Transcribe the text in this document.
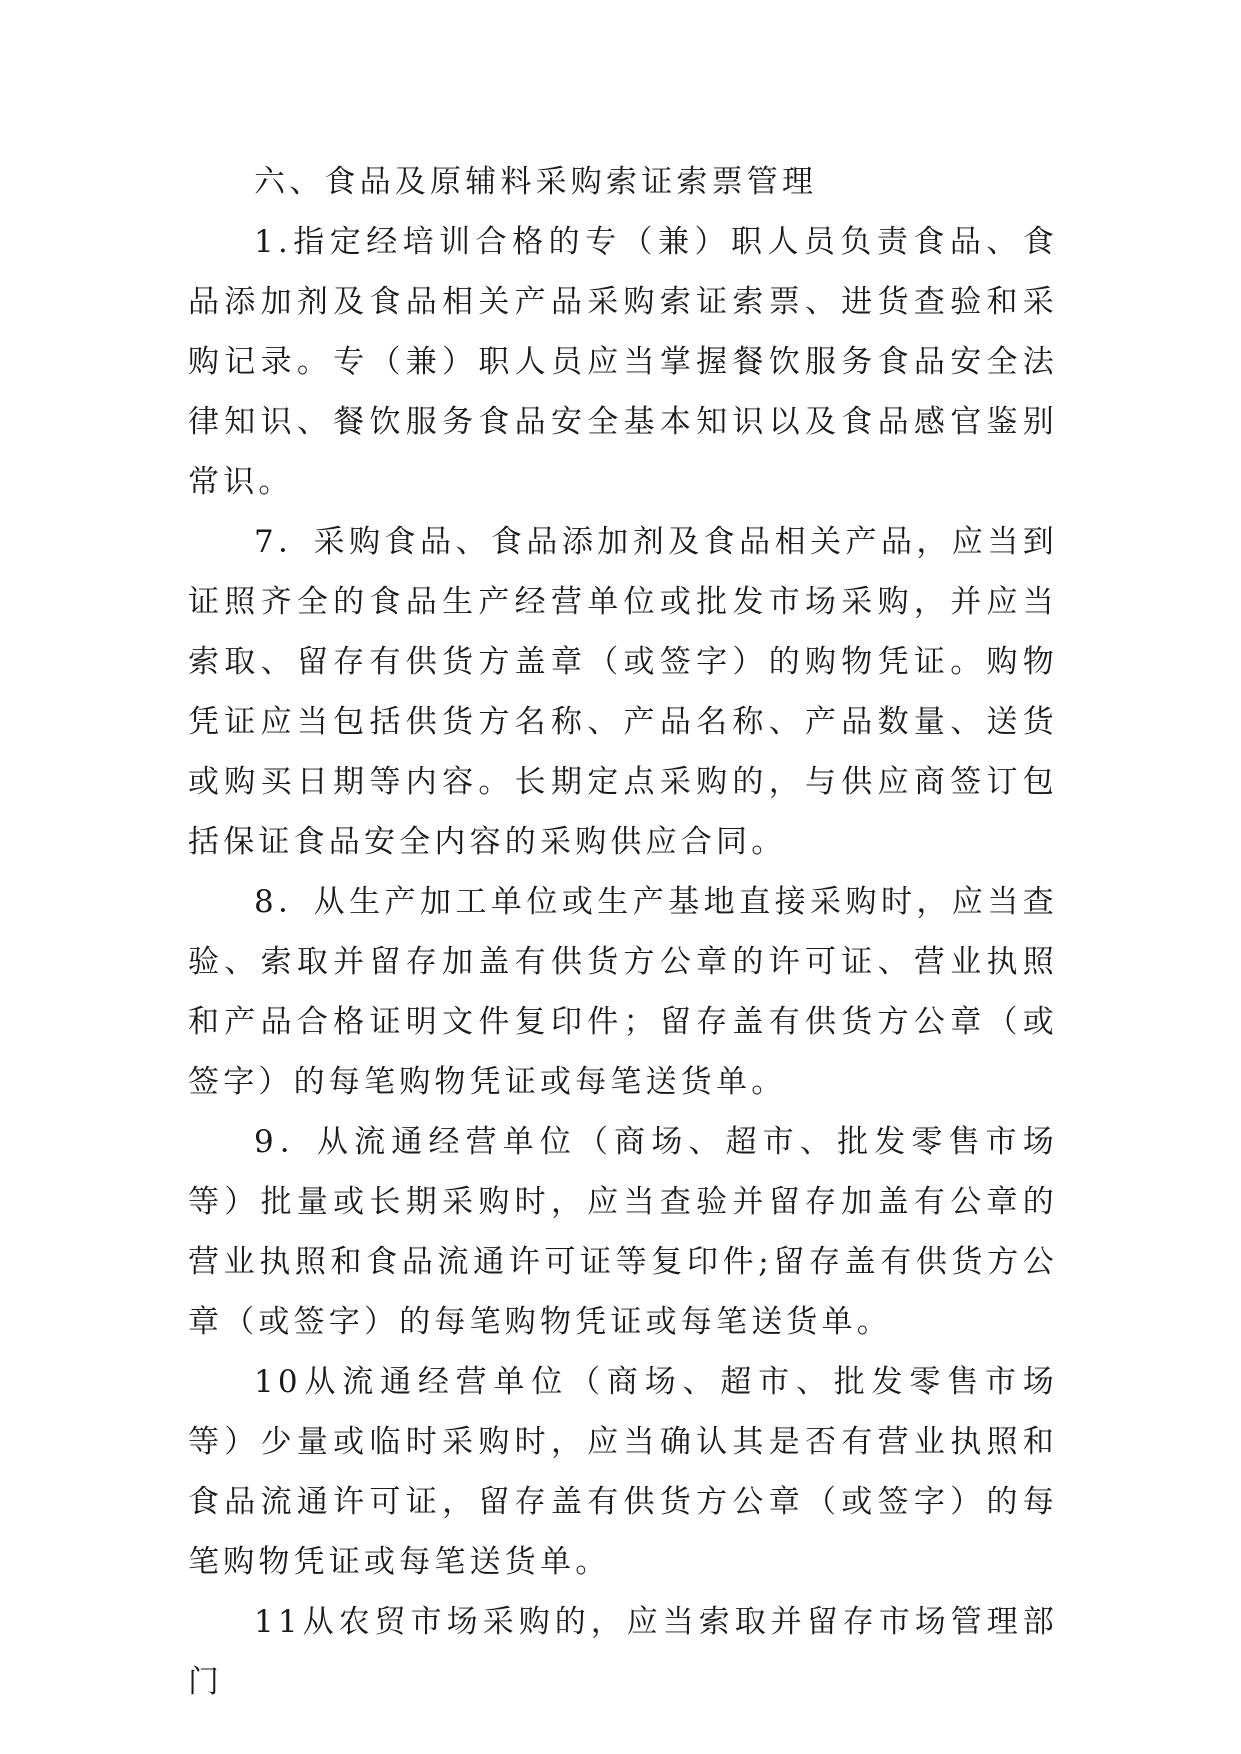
六、食品及原辅料采购索证索票管理

1.指定经培训合格的专（兼）职人员负责食品、食品添加剂及食品相关产品采购索证索票、进货查验和采购记录。专（兼）职人员应当掌握餐饮服务食品安全法律知识、餐饮服务食品安全基本知识以及食品感官鉴别常识。

7．采购食品、食品添加剂及食品相关产品，应当到证照齐全的食品生产经营单位或批发市场采购，并应当索取、留存有供货方盖章（或签字）的购物凭证。购物凭证应当包括供货方名称、产品名称、产品数量、送货或购买日期等内容。长期定点采购的，与供应商签订包括保证食品安全内容的采购供应合同。

8．从生产加工单位或生产基地直接采购时，应当查验、索取并留存加盖有供货方公章的许可证、营业执照和产品合格证明文件复印件；留存盖有供货方公章（或签字）的每笔购物凭证或每笔送货单。

9．从流通经营单位（商场、超市、批发零售市场等）批量或长期采购时，应当查验并留存加盖有公章的营业执照和食品流通许可证等复印件;留存盖有供货方公章（或签字）的每笔购物凭证或每笔送货单。

10从流通经营单位（商场、超市、批发零售市场等）少量或临时采购时，应当确认其是否有营业执照和食品流通许可证，留存盖有供货方公章（或签字）的每笔购物凭证或每笔送货单。

11从农贸市场采购的，应当索取并留存市场管理部门
